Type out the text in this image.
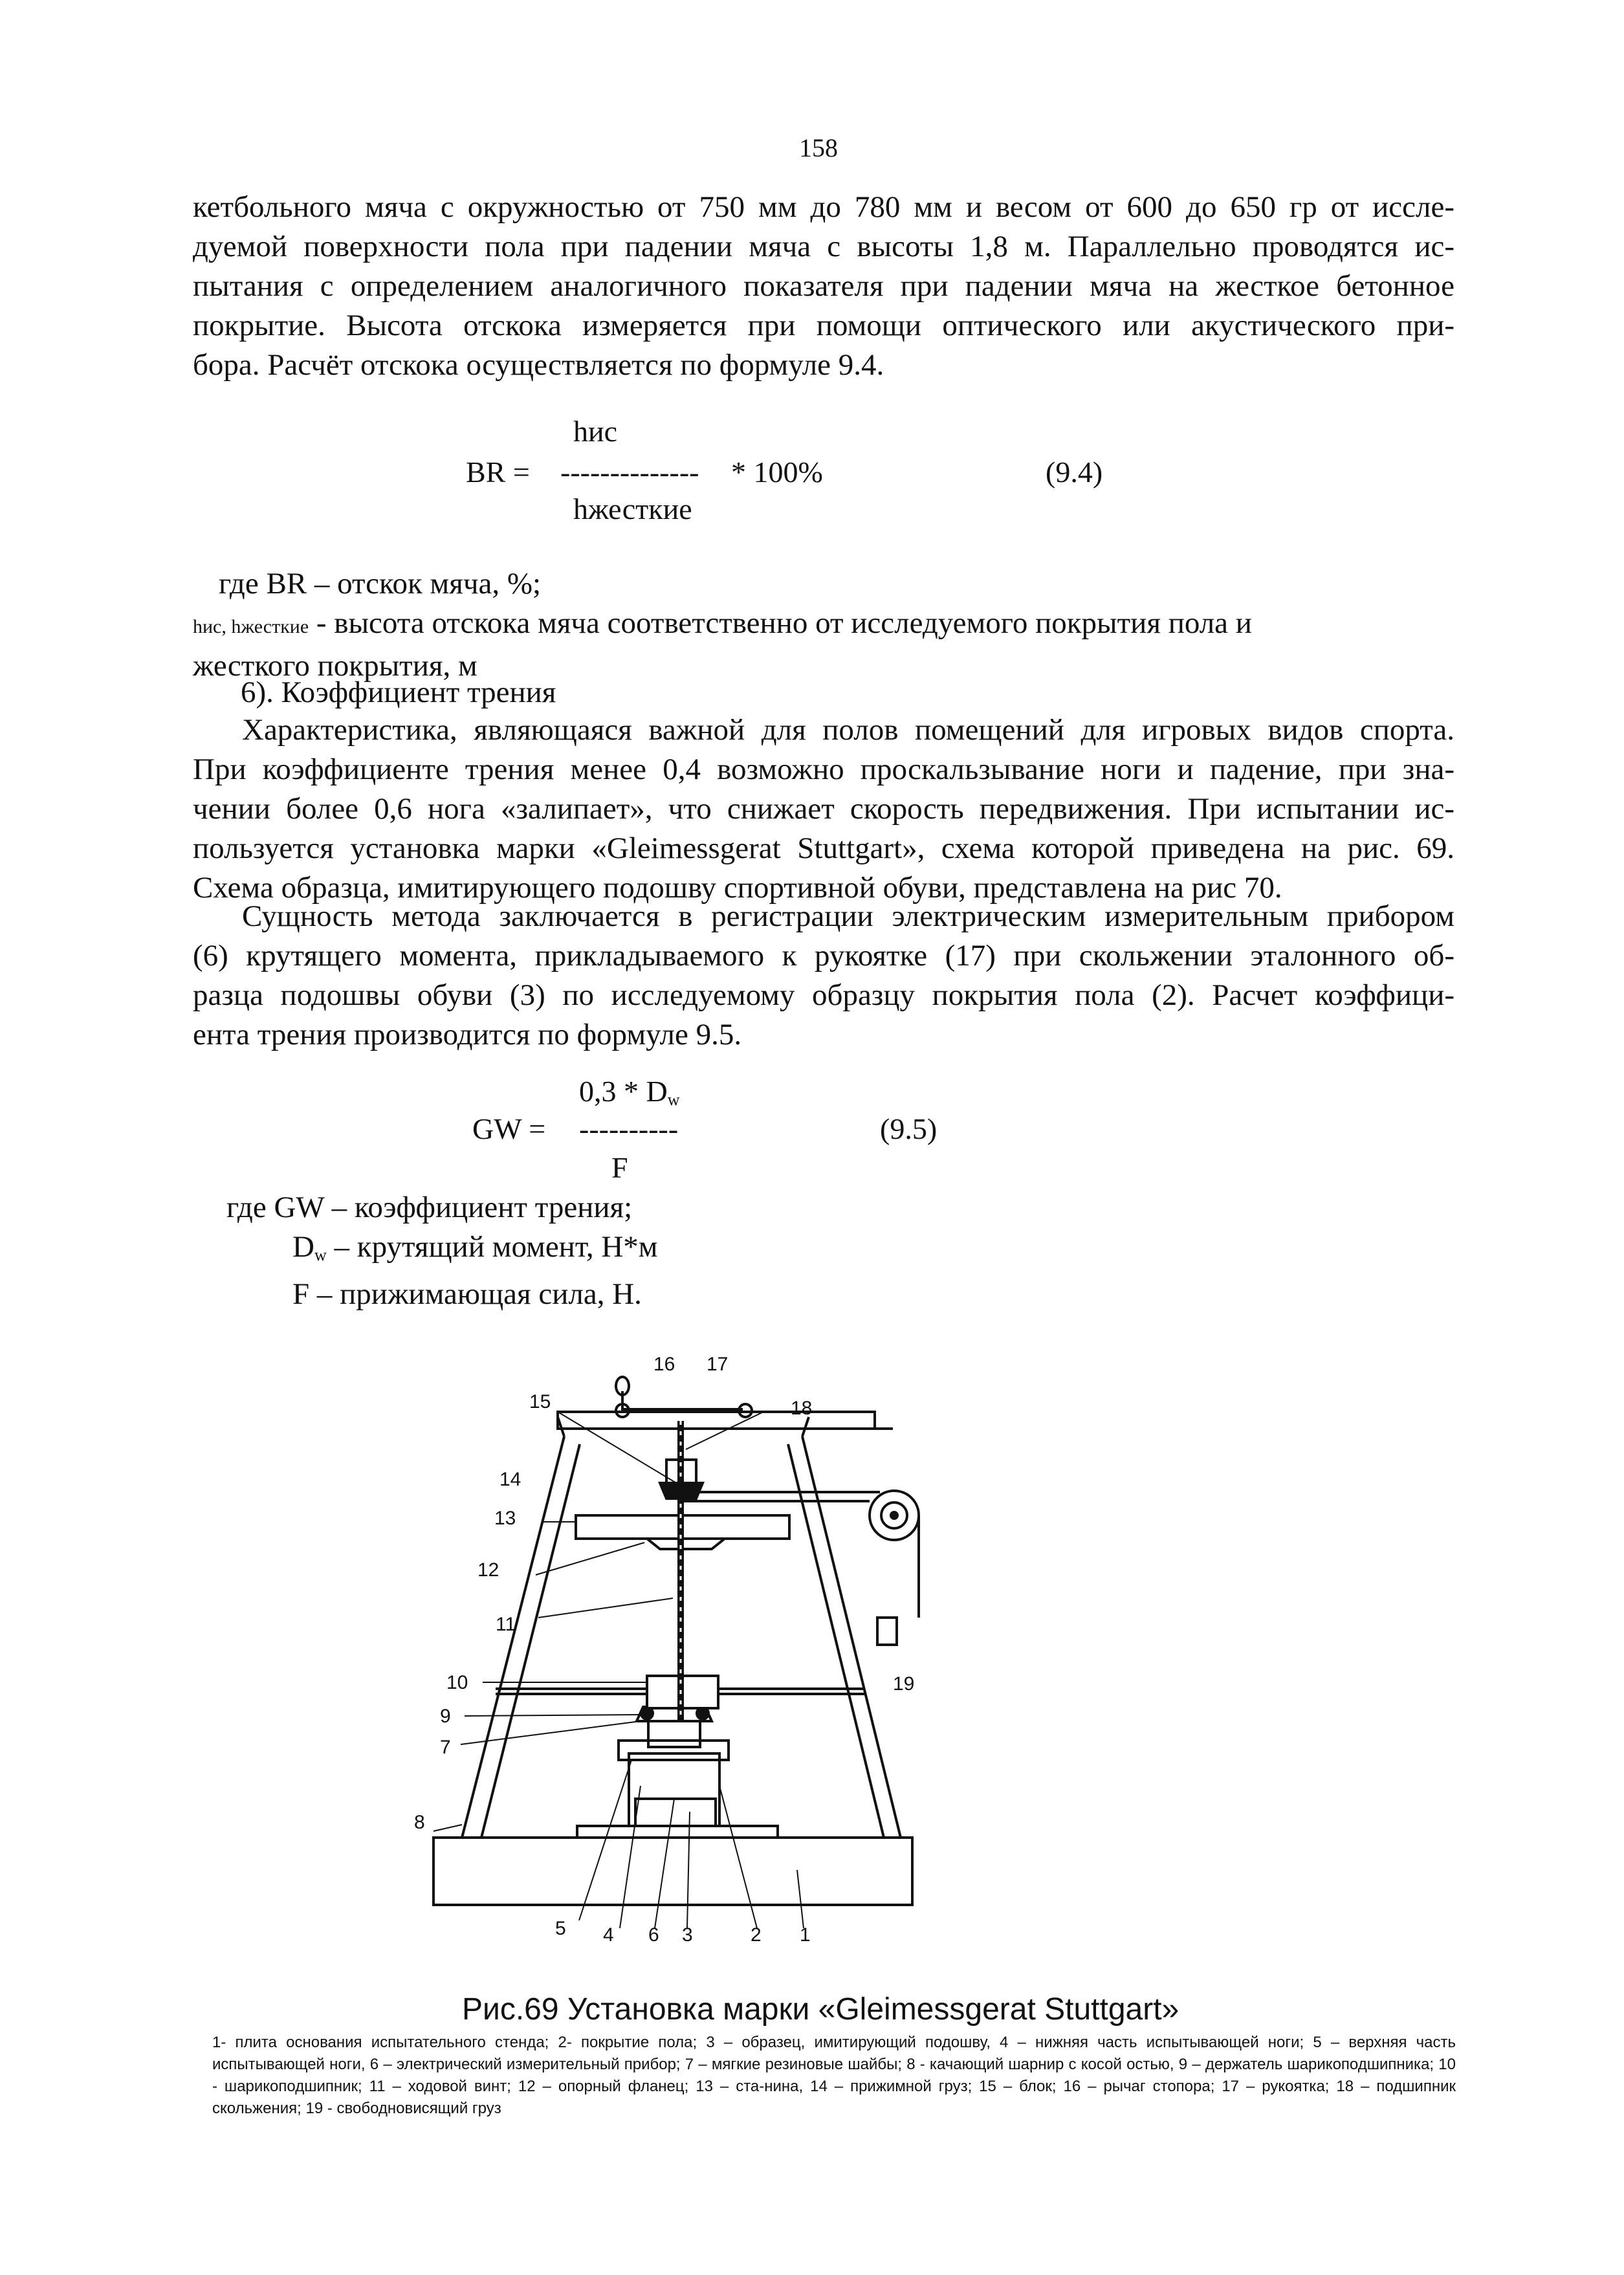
158
кетбольного мяча с окружностью от 750 мм до 780 мм и весом от 600 до 650 гр от иссле-
дуемой поверхности пола при падении мяча с высоты 1,8 м. Параллельно проводятся ис-
пытания с определением аналогичного показателя при падении мяча на жесткое бетонное
покрытие. Высота отскока измеряется при помощи оптического или акустического при-
бора. Расчёт отскока осуществляется по формуле 9.4.
hис
BR = -------------- * 100%	(9.4)
hжесткие
где BR – отскок мяча, %;
hис, hжесткие - высота отскока мяча соответственно от исследуемого покрытия пола и
жесткого покрытия, м
6). Коэффициент трения
Характеристика, являющаяся важной для полов помещений для игровых видов спорта.
При коэффициенте трения менее 0,4 возможно проскальзывание ноги и падение, при зна-
чении более 0,6 нога «залипает», что снижает скорость передвижения. При испытании ис-
пользуется установка марки «Gleimessgerat Stuttgart», схема которой приведена на рис. 69.
Схема образца, имитирующего подошву спортивной обуви, представлена на рис 70.
Сущность метода заключается в регистрации электрическим измерительным прибором
(6) крутящего момента, прикладываемого к рукоятке (17) при скольжении эталонного об-
разца подошвы обуви (3) по исследуемому образцу покрытия пола (2). Расчет коэффици-
ента трения производится по формуле 9.5.
$0,3 * D_w$
GW = ----------	(9.5)
F
где GW – коэффициент трения;
$D_w$ – крутящий момент, Н*м
F – прижимающая сила, Н.
16 17
15	18
14
13
11
10
9
7
8
19
5 4 6 3	2 1
12
Рис.69 Установка марки «Gleimessgerat Stuttgart»
1- плита основания испытательного стенда; 2- покрытие пола; 3 – образец, имитирующий подошву, 4 – нижняя часть испытывающей ноги; 5 – верхняя часть испытывающей ноги, 6 – электрический измерительный прибор; 7 – мягкие резиновые шайбы; 8 - качающий шарнир с косой остью, 9 – держатель шарикоподшипника; 10 - шарикоподшипник; 11 – ходовой винт; 12 – опорный фланец; 13 – ста-нина, 14 – прижимной груз; 15 – блок; 16 – рычаг стопора; 17 – рукоятка; 18 – подшипник скольжения; 19 - свободновисящий груз
